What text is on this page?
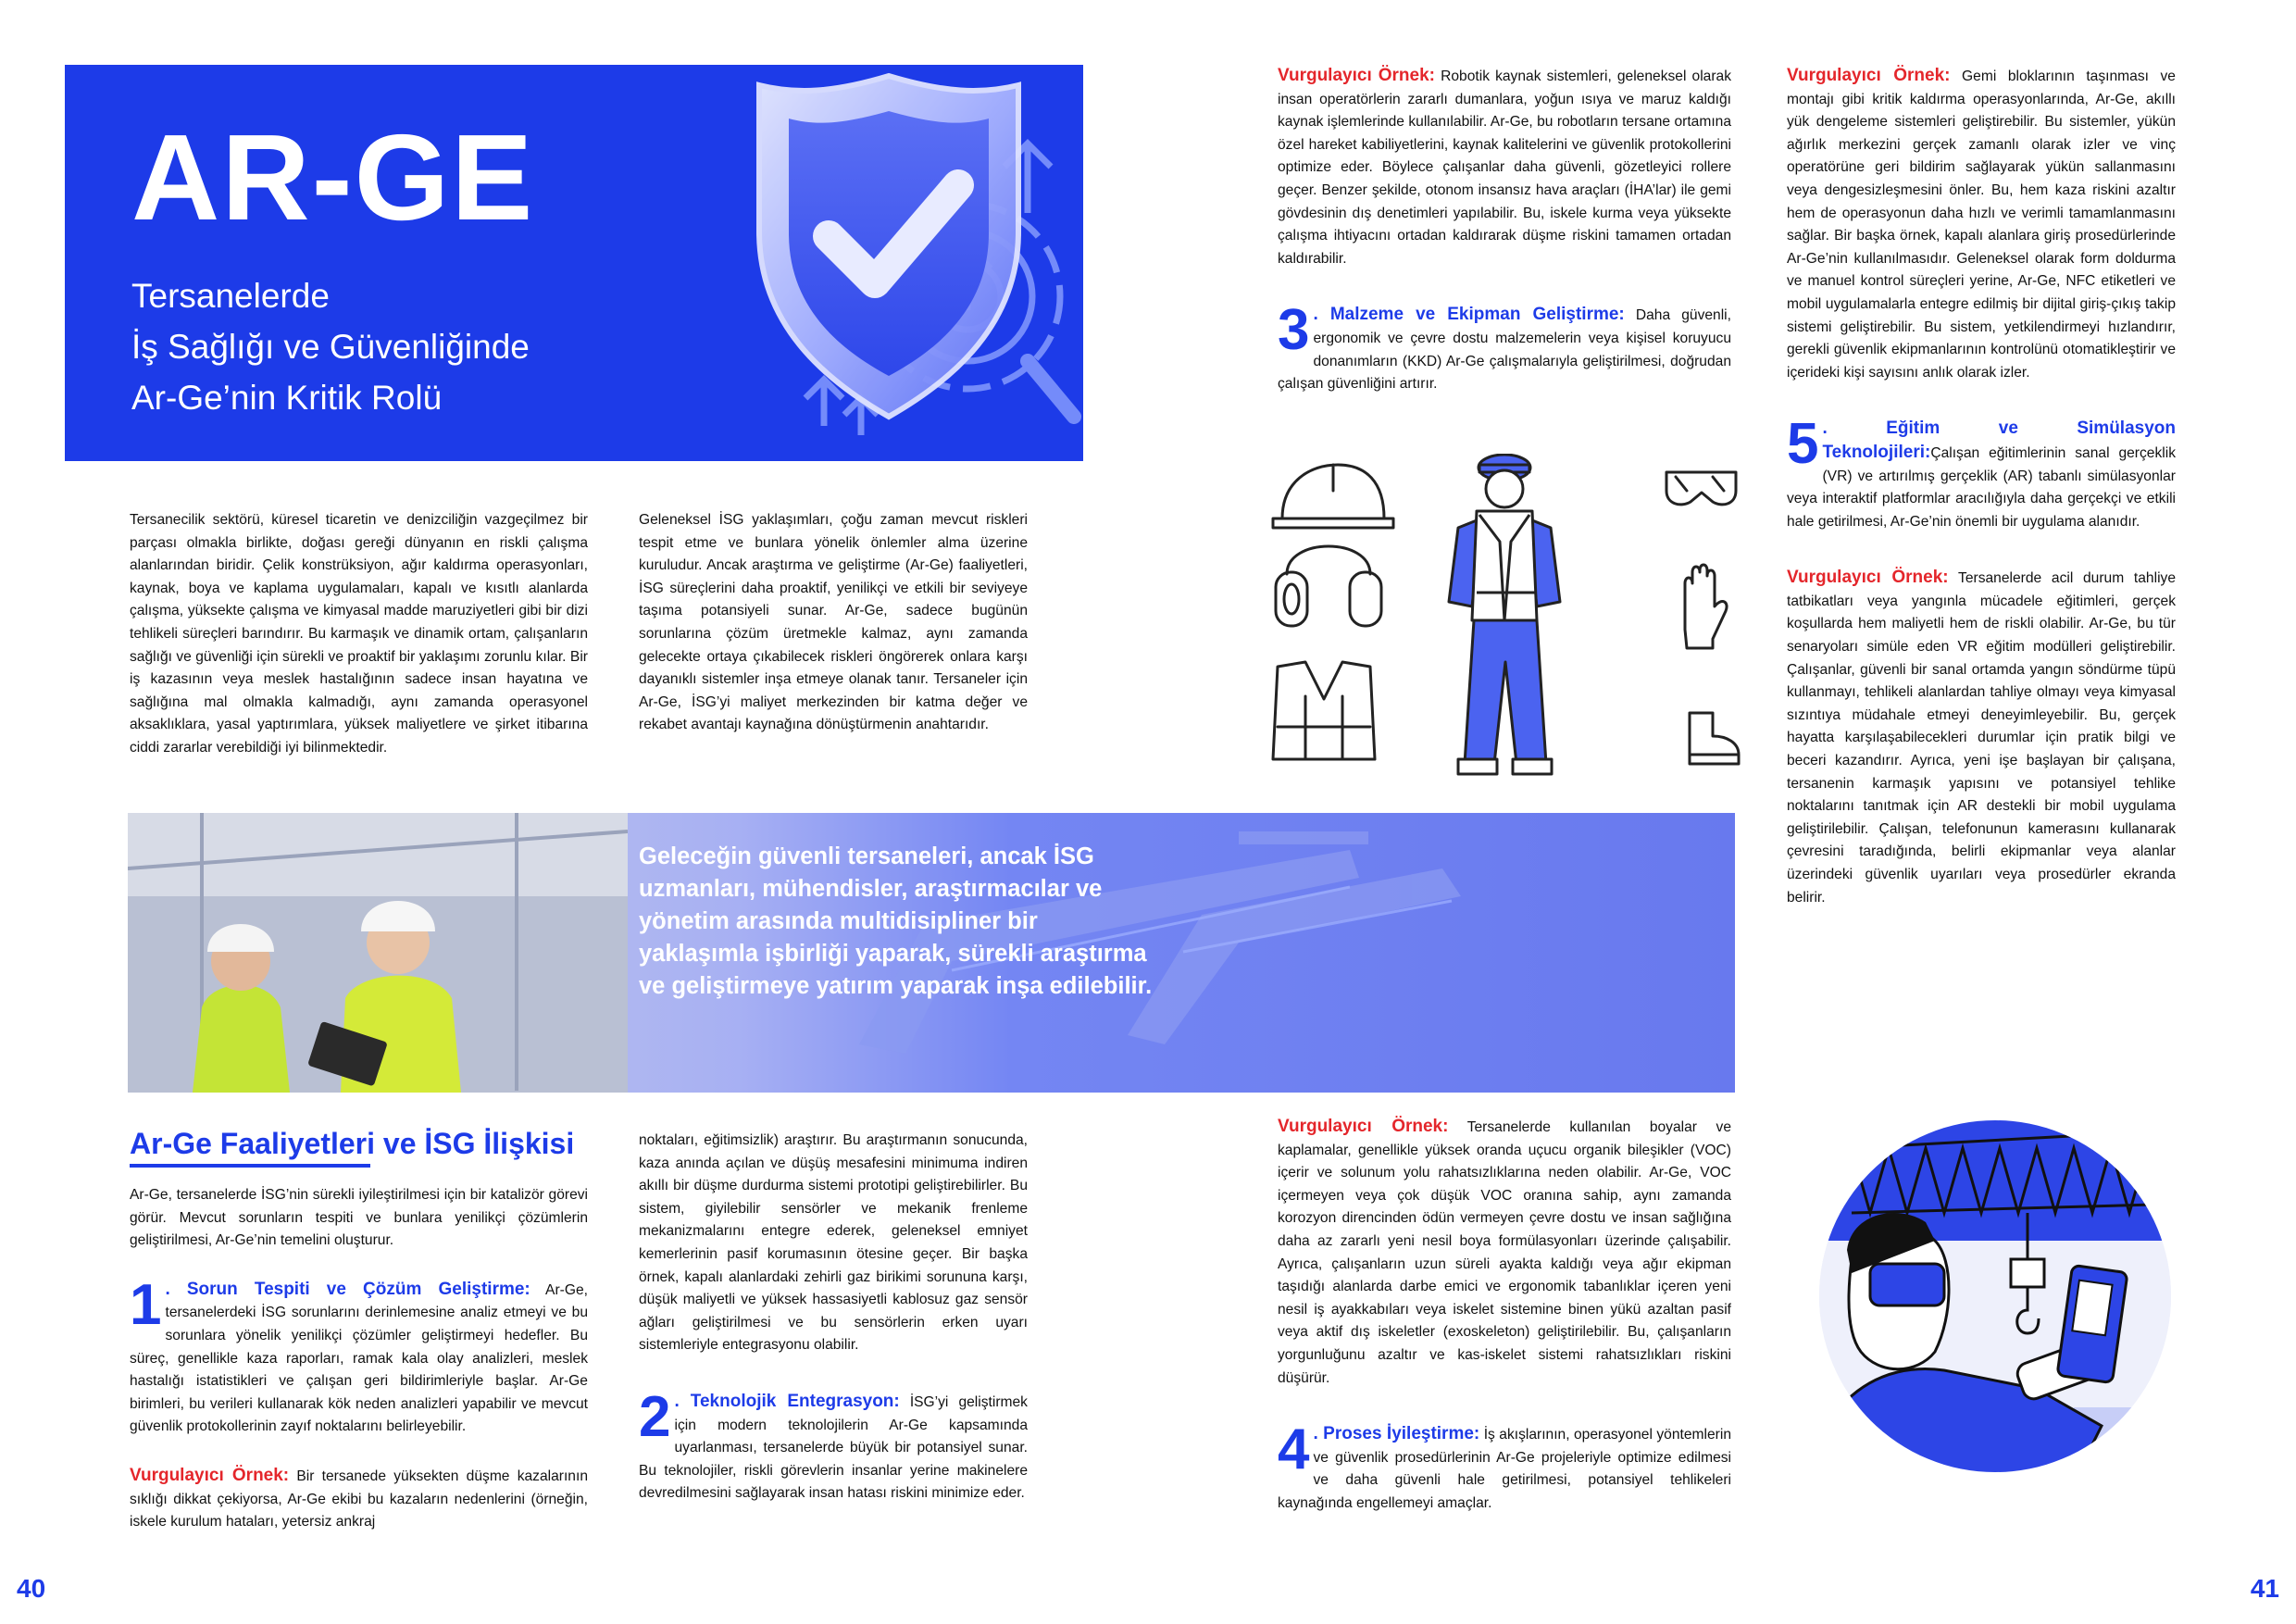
AR-GE
Tersanelerde
İş Sağlığı ve Güvenliğinde
Ar-Ge’nin Kritik Rolü

Tersanecilik sektörü, küresel ticaretin ve denizciliğin vazgeçilmez bir parçası olmakla birlikte, doğası gereği dünyanın en riskli çalışma alanlarından biridir. Çelik konstrüksiyon, ağır kaldırma operasyonları, kaynak, boya ve kaplama uygulamaları, kapalı ve kısıtlı alanlarda çalışma, yüksekte çalışma ve kimyasal madde maruziyetleri gibi bir dizi tehlikeli süreçleri barındırır. Bu karmaşık ve dinamik ortam, çalışanların sağlığı ve güvenliği için sürekli ve proaktif bir yaklaşımı zorunlu kılar. Bir iş kazasının veya meslek hastalığının sadece insan hayatına ve sağlığına mal olmakla kalmadığı, aynı zamanda operasyonel aksaklıklara, yasal yaptırımlara, yüksek maliyetlere ve şirket itibarına ciddi zararlar verebildiği iyi bilinmektedir.

Geleneksel İSG yaklaşımları, çoğu zaman mevcut riskleri tespit etme ve bunlara yönelik önlemler alma üzerine kuruludur. Ancak araştırma ve geliştirme (Ar-Ge) faaliyetleri, İSG süreçlerini daha proaktif, yenilikçi ve etkili bir seviyeye taşıma potansiyeli sunar. Ar-Ge, sadece bugünün sorunlarına çözüm üretmekle kalmaz, aynı zamanda gelecekte ortaya çıkabilecek riskleri öngörerek onlara karşı dayanıklı sistemler inşa etmeye olanak tanır. Tersaneler için Ar-Ge, İSG’yi maliyet merkezinden bir katma değer ve rekabet avantajı kaynağına dönüştürmenin anahtarıdır.

Vurgulayıcı Örnek: Robotik kaynak sistemleri, geleneksel olarak insan operatörlerin zararlı dumanlara, yoğun ısıya ve maruz kaldığı kaynak işlemlerinde kullanılabilir. Ar-Ge, bu robotların tersane ortamına özel hareket kabiliyetlerini, kaynak kalitelerini ve güvenlik protokollerini optimize eder. Böylece çalışanlar daha güvenli, gözetleyici rollere geçer. Benzer şekilde, otonom insansız hava araçları (İHA’lar) ile gemi gövdesinin dış denetimleri yapılabilir. Bu, iskele kurma veya yüksekte çalışma ihtiyacını ortadan kaldırarak düşme riskini tamamen ortadan kaldırabilir.

3 . Malzeme ve Ekipman Geliştirme: Daha güvenli, ergonomik ve çevre dostu malzemelerin veya kişisel koruyucu donanımların (KKD) Ar-Ge çalışmalarıyla geliştirilmesi, doğrudan çalışan güvenliğini artırır.

Vurgulayıcı Örnek: Gemi bloklarının taşınması ve montajı gibi kritik kaldırma operasyonlarında, Ar-Ge, akıllı yük dengeleme sistemleri geliştirebilir. Bu sistemler, yükün ağırlık merkezini gerçek zamanlı olarak izler ve vinç operatörüne geri bildirim sağlayarak yükün sallanmasını veya dengesizleşmesini önler. Bu, hem kaza riskini azaltır hem de operasyonun daha hızlı ve verimli tamamlanmasını sağlar. Bir başka örnek, kapalı alanlara giriş prosedürlerinde Ar-Ge’nin kullanılmasıdır. Geleneksel olarak form doldurma ve manuel kontrol süreçleri yerine, Ar-Ge, NFC etiketleri ve mobil uygulamalarla entegre edilmiş bir dijital giriş-çıkış takip sistemi geliştirebilir. Bu sistem, yetkilendirmeyi hızlandırır, gerekli güvenlik ekipmanlarının kontrolünü otomatikleştirir ve içerideki kişi sayısını anlık olarak izler.

5 . Eğitim ve Simülasyon Teknolojileri:Çalışan eğitimlerinin sanal gerçeklik (VR) ve artırılmış gerçeklik (AR) tabanlı simülasyonlar veya interaktif platformlar aracılığıyla daha gerçekçi ve etkili hale getirilmesi, Ar-Ge’nin önemli bir uygulama alanıdır.

Vurgulayıcı Örnek: Tersanelerde acil durum tahliye tatbikatları veya yangınla mücadele eğitimleri, gerçek koşullarda hem maliyetli hem de riskli olabilir. Ar-Ge, bu tür senaryoları simüle eden VR eğitim modülleri geliştirebilir. Çalışanlar, güvenli bir sanal ortamda yangın söndürme tüpü kullanmayı, tehlikeli alanlardan tahliye olmayı veya kimyasal sızıntıya müdahale etmeyi deneyimleyebilir. Bu, gerçek hayatta karşılaşabilecekleri durumlar için pratik bilgi ve beceri kazandırır. Ayrıca, yeni işe başlayan bir çalışana, tersanenin karmaşık yapısını ve potansiyel tehlike noktalarını tanıtmak için AR destekli bir mobil uygulama geliştirilebilir. Çalışan, telefonunun kamerasını kullanarak çevresini taradığında, belirli ekipmanlar veya alanlar üzerindeki güvenlik uyarıları veya prosedürler ekranda belirir.

Geleceğin güvenli tersaneleri, ancak İSG uzmanları, mühendisler, araştırmacılar ve yönetim arasında multidisipliner bir yaklaşımla işbirliği yaparak, sürekli araştırma ve geliştirmeye yatırım yaparak inşa edilebilir.
Ar-Ge Faaliyetleri ve İSG İlişkisi

Ar-Ge, tersanelerde İSG’nin sürekli iyileştirilmesi için bir katalizör görevi görür. Mevcut sorunların tespiti ve bunlara yenilikçi çözümlerin geliştirilmesi, Ar-Ge’nin temelini oluşturur.

1 . Sorun Tespiti ve Çözüm Geliştirme: Ar-Ge, tersanelerdeki İSG sorunlarını derinlemesine analiz etmeyi ve bu sorunlara yönelik yenilikçi çözümler geliştirmeyi hedefler. Bu süreç, genellikle kaza raporları, ramak kala olay analizleri, meslek hastalığı istatistikleri ve çalışan geri bildirimleriyle başlar. Ar-Ge birimleri, bu verileri kullanarak kök neden analizleri yapabilir ve mevcut güvenlik protokollerinin zayıf noktalarını belirleyebilir.

Vurgulayıcı Örnek: Bir tersanede yüksekten düşme kazalarının sıklığı dikkat çekiyorsa, Ar-Ge ekibi bu kazaların nedenlerini (örneğin, iskele kurulum hataları, yetersiz ankraj

noktaları, eğitimsizlik) araştırır. Bu araştırmanın sonucunda, kaza anında açılan ve düşüş mesafesini minimuma indiren akıllı bir düşme durdurma sistemi prototipi geliştirebilirler. Bu sistem, giyilebilir sensörler ve mekanik frenleme mekanizmalarını entegre ederek, geleneksel emniyet kemerlerinin pasif korumasının ötesine geçer. Bir başka örnek, kapalı alanlardaki zehirli gaz birikimi sorununa karşı, düşük maliyetli ve yüksek hassasiyetli kablosuz gaz sensör ağları geliştirilmesi ve bu sensörlerin erken uyarı sistemleriyle entegrasyonu olabilir.

2 . Teknolojik Entegrasyon: İSG’yi geliştirmek için modern teknolojilerin Ar-Ge kapsamında uyarlanması, tersanelerde büyük bir potansiyel sunar. Bu teknolojiler, riskli görevlerin insanlar yerine makinelere devredilmesini sağlayarak insan hatası riskini minimize eder.

Vurgulayıcı Örnek: Tersanelerde kullanılan boyalar ve kaplamalar, genellikle yüksek oranda uçucu organik bileşikler (VOC) içerir ve solunum yolu rahatsızlıklarına neden olabilir. Ar-Ge, VOC içermeyen veya çok düşük VOC oranına sahip, aynı zamanda korozyon direncinden ödün vermeyen çevre dostu ve insan sağlığına daha az zararlı yeni nesil boya formülasyonları üzerinde çalışabilir. Ayrıca, çalışanların uzun süreli ayakta kaldığı veya ağır ekipman taşıdığı alanlarda darbe emici ve ergonomik tabanlıklar içeren yeni nesil iş ayakkabıları veya iskelet sistemine binen yükü azaltan pasif veya aktif dış iskeletler (exoskeleton) geliştirilebilir. Bu, çalışanların yorgunluğunu azaltır ve kas-iskelet sistemi rahatsızlıkları riskini düşürür.

4 . Proses İyileştirme: İş akışlarının, operasyonel yöntemlerin ve güvenlik prosedürlerinin Ar-Ge projeleriyle optimize edilmesi ve daha güvenli hale getirilmesi, potansiyel tehlikeleri kaynağında engellemeyi amaçlar.

40	41
